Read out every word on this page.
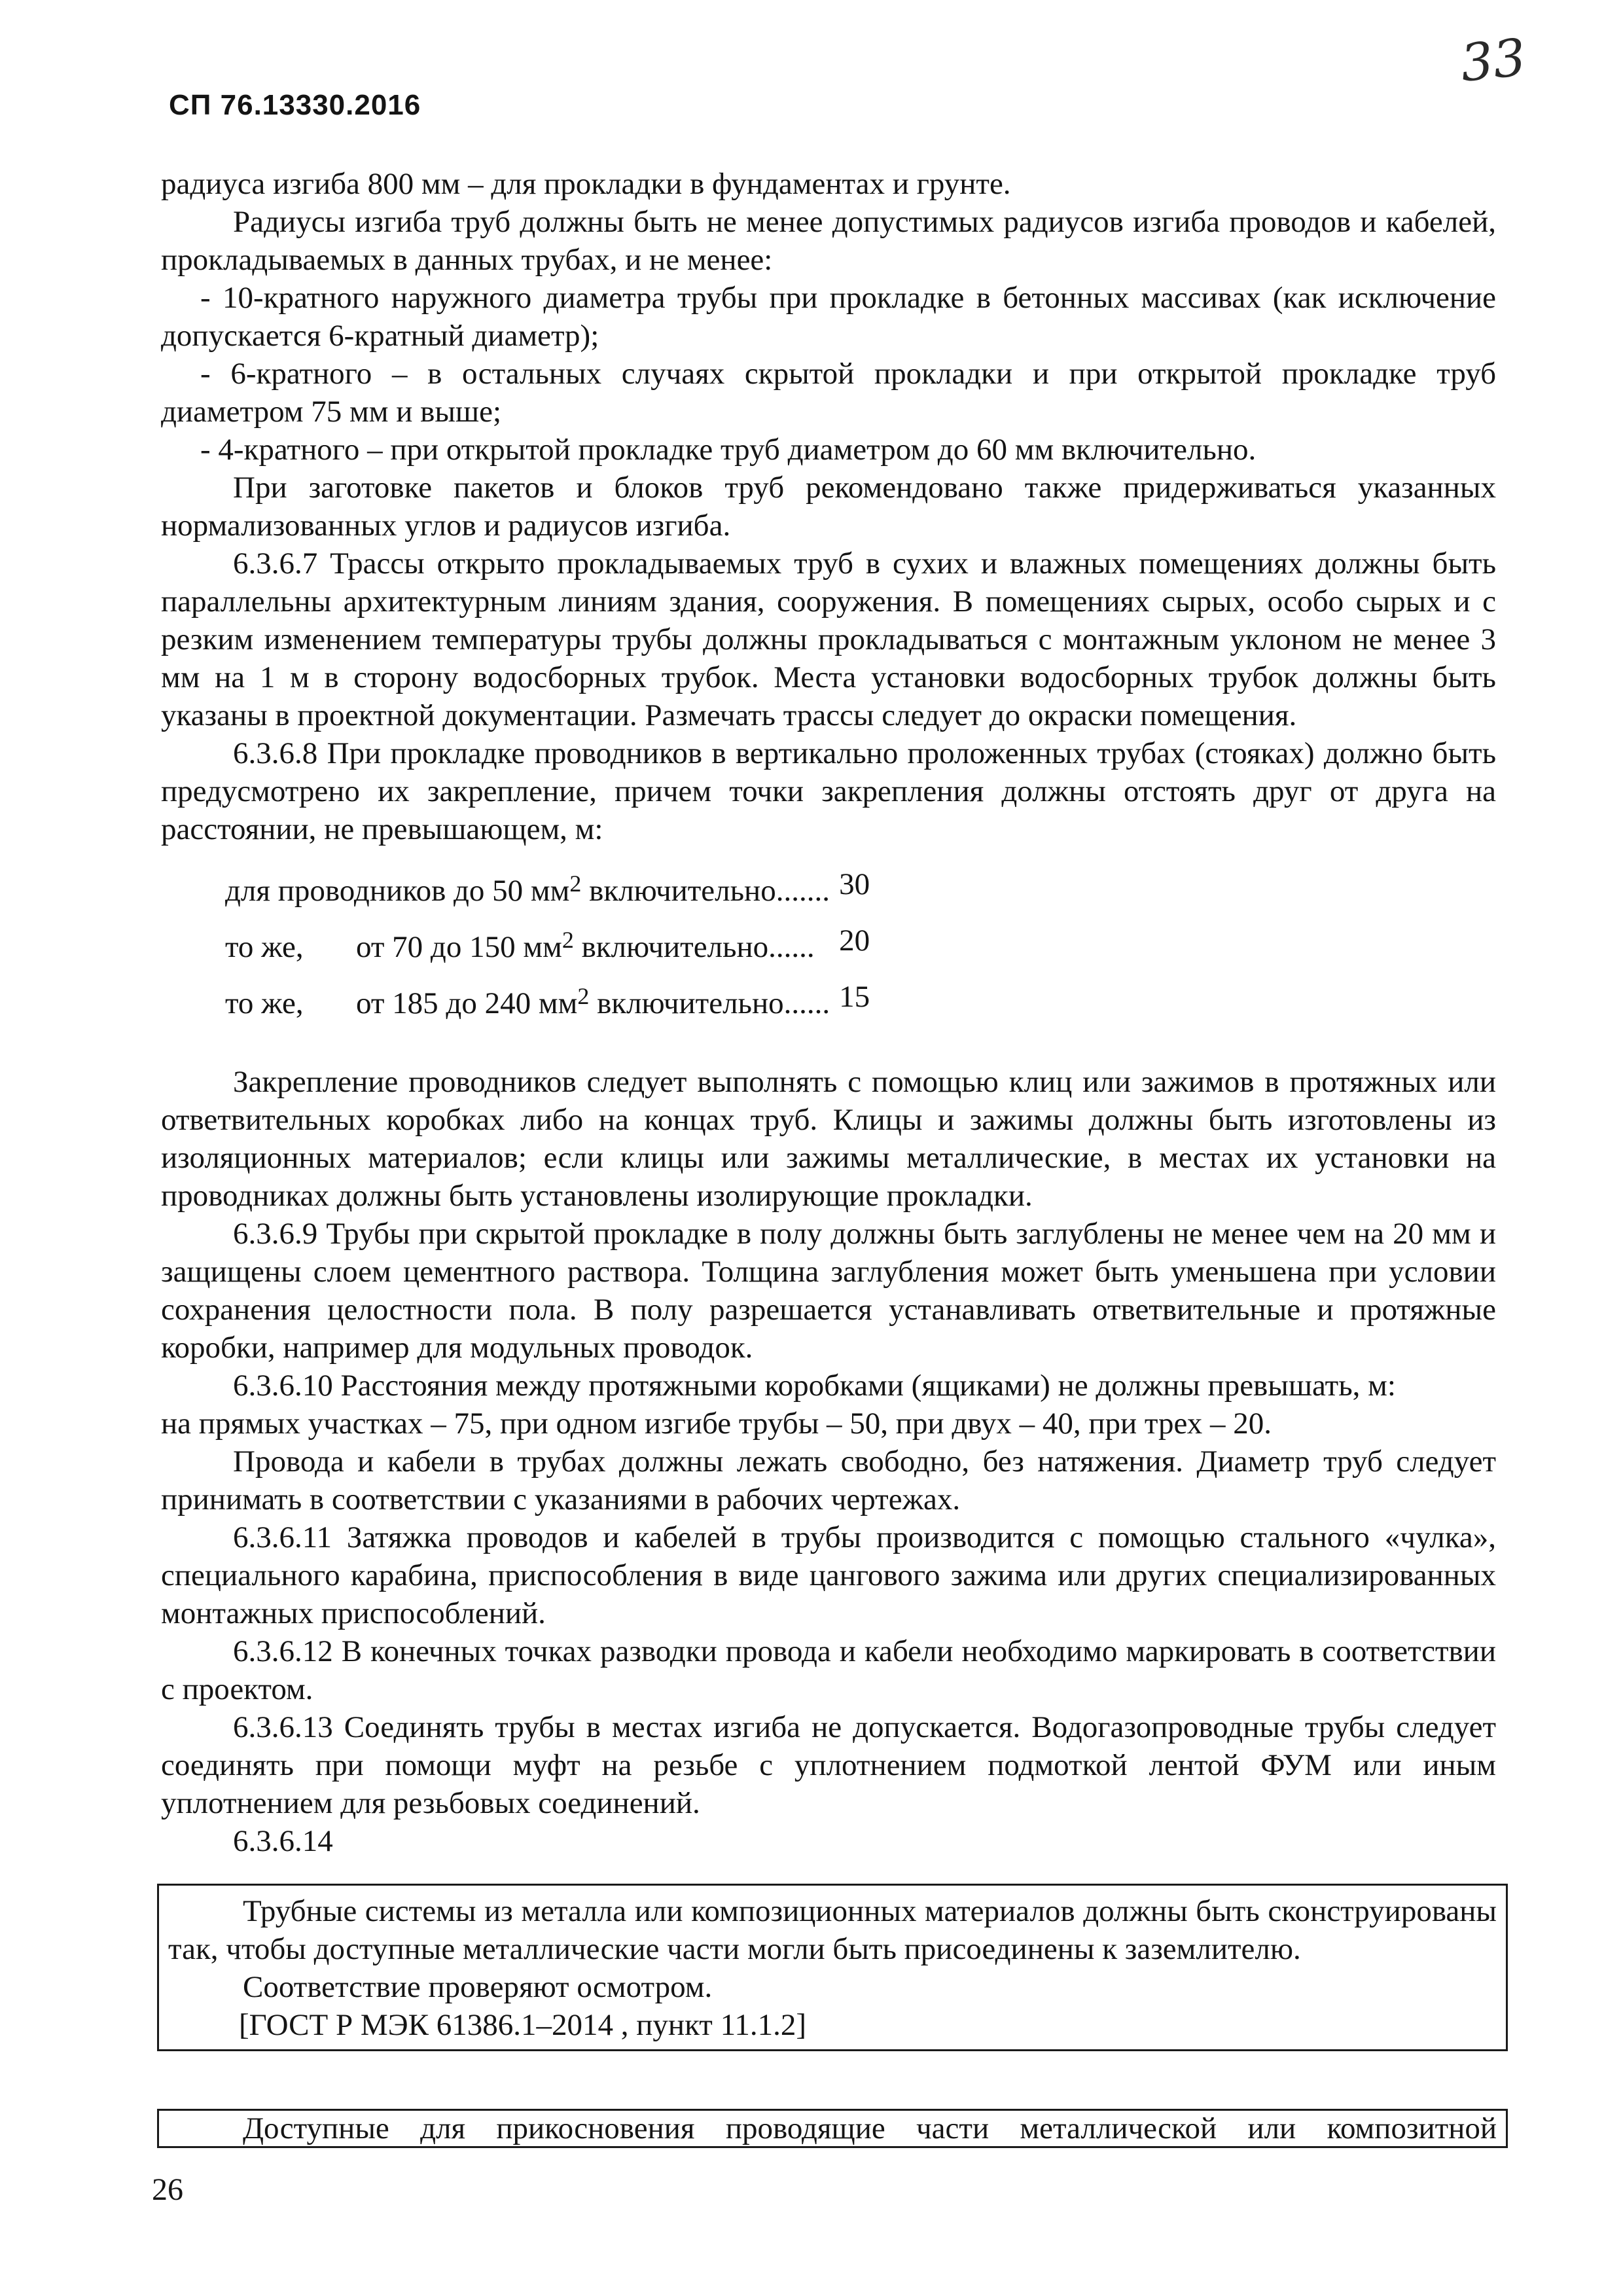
СП 76.13330.2016
33

радиуса изгиба 800 мм – для прокладки в фундаментах и грунте.

Радиусы изгиба труб должны быть не менее допустимых радиусов изгиба проводов и кабелей, прокладываемых в данных трубах, и не менее:

- 10-кратного наружного диаметра трубы при прокладке в бетонных массивах (как исключение допускается 6-кратный диаметр);

- 6-кратного – в остальных случаях скрытой прокладки и при открытой прокладке труб диаметром 75 мм и выше;

- 4-кратного – при открытой прокладке труб диаметром до 60 мм включительно.

При заготовке пакетов и блоков труб рекомендовано также придерживаться указанных нормализованных углов и радиусов изгиба.

6.3.6.7 Трассы открыто прокладываемых труб в сухих и влажных помещениях должны быть параллельны архитектурным линиям здания, сооружения. В помещениях сырых, особо сырых и с резким изменением температуры трубы должны прокладываться с монтажным уклоном не менее 3 мм на 1 м в сторону водосборных трубок. Места установки водосборных трубок должны быть указаны в проектной документации. Размечать трассы следует до окраски помещения.

6.3.6.8 При прокладке проводников в вертикально проложенных трубах (стояках) должно быть предусмотрено их закрепление, причем точки закрепления должны отстоять друг от друга на расстоянии, не превышающем, м:

для проводников до 50 $мм^2$ включительно.......		30
то же,	от 70 до 150 $мм^2$ включительно......	20
то же,	от 185 до 240 $мм^2$ включительно......	15

Закрепление проводников следует выполнять с помощью клиц или зажимов в протяжных или ответвительных коробках либо на концах труб. Клицы и зажимы должны быть изготовлены из изоляционных материалов; если клицы или зажимы металлические, в местах их установки на проводниках должны быть установлены изолирующие прокладки.

6.3.6.9 Трубы при скрытой прокладке в полу должны быть заглублены не менее чем на 20 мм и защищены слоем цементного раствора. Толщина заглубления может быть уменьшена при условии сохранения целостности пола. В полу разрешается устанавливать ответвительные и протяжные коробки, например для модульных проводок.

6.3.6.10 Расстояния между протяжными коробками (ящиками) не должны превышать, м:

на прямых участках – 75, при одном изгибе трубы – 50, при двух – 40, при трех – 20.

Провода и кабели в трубах должны лежать свободно, без натяжения. Диаметр труб следует принимать в соответствии с указаниями в рабочих чертежах.

6.3.6.11 Затяжка проводов и кабелей в трубы производится с помощью стального «чулка», специального карабина, приспособления в виде цангового зажима или других специализированных монтажных приспособлений.

6.3.6.12 В конечных точках разводки провода и кабели необходимо маркировать в соответствии с проектом.

6.3.6.13 Соединять трубы в местах изгиба не допускается. Водогазопроводные трубы следует соединять при помощи муфт на резьбе с уплотнением подмоткой лентой ФУМ или иным уплотнением для резьбовых соединений.

6.3.6.14

Трубные системы из металла или композиционных материалов должны быть сконструированы так, чтобы доступные металлические части могли быть присоединены к заземлителю.

Соответствие проверяют осмотром.

[ГОСТ Р МЭК 61386.1–2014 , пункт 11.1.2]

Доступные для прикосновения проводящие части металлической или композитной
26
